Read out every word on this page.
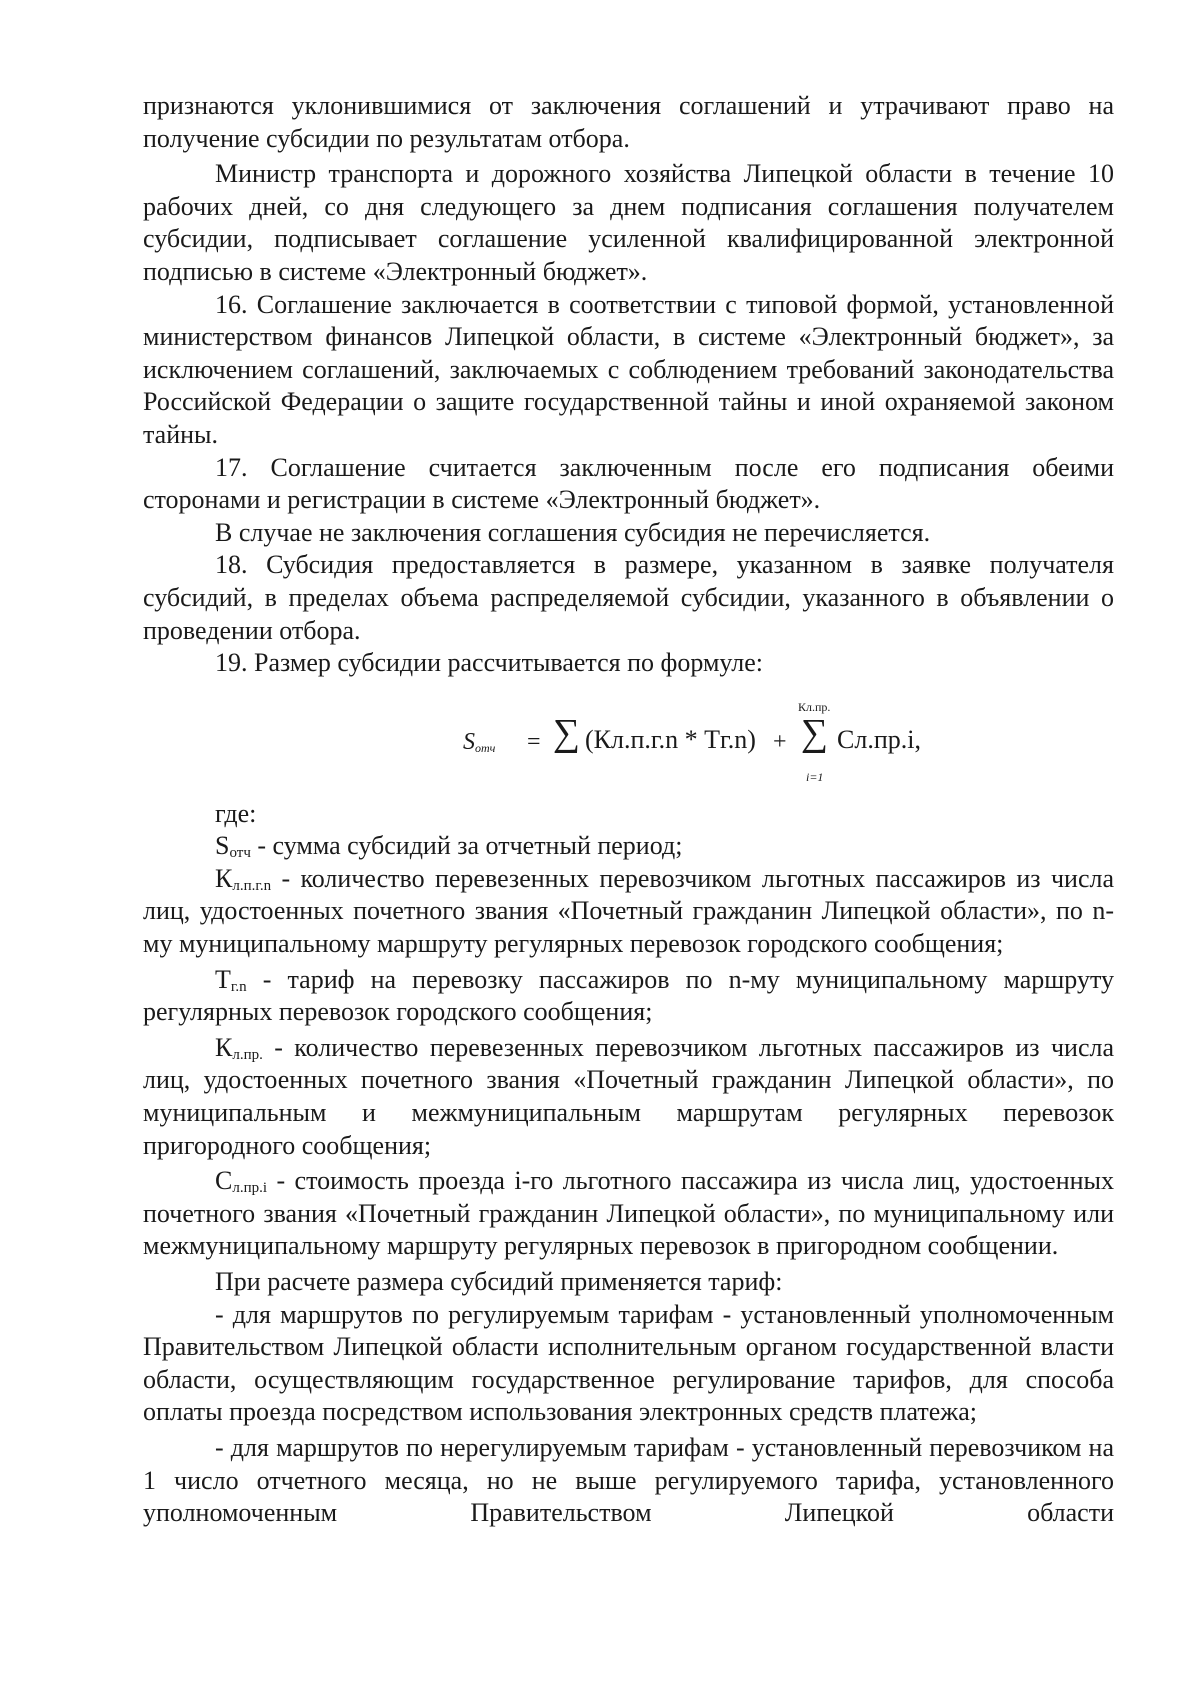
признаются уклонившимися от заключения соглашений и утрачивают право на получение субсидии по результатам отбора.

Министр транспорта и дорожного хозяйства Липецкой области в течение 10 рабочих дней, со дня следующего за днем подписания соглашения получателем субсидии, подписывает соглашение усиленной квалифицированной электронной подписью в системе «Электронный бюджет».

16. Соглашение заключается в соответствии с типовой формой, установленной министерством финансов Липецкой области, в системе «Электронный бюджет», за исключением соглашений, заключаемых с соблюдением требований законодательства Российской Федерации о защите государственной тайны и иной охраняемой законом тайны.

17. Соглашение считается заключенным после его подписания обеими сторонами и регистрации в системе «Электронный бюджет».

В случае не заключения соглашения субсидия не перечисляется.

18. Субсидия предоставляется в размере, указанном в заявке получателя субсидий, в пределах объема распределяемой субсидии, указанного в объявлении о проведении отбора.

19. Размер субсидии рассчитывается по формуле:

Sотч = ∑ (Кл.п.г.n * Тг.n) +
Кл.пр.
∑
i=1
Сл.пр.i,

где:

$S_{отч}$ - сумма субсидий за отчетный период;

$К_{л.п.г.n}$ - количество перевезенных перевозчиком льготных пассажиров из числа лиц, удостоенных почетного звания «Почетный гражданин Липецкой области», по n-му муниципальному маршруту регулярных перевозок городского сообщения;

$Т_{г.n}$ - тариф на перевозку пассажиров по n-му муниципальному маршруту регулярных перевозок городского сообщения;

$К_{л.пр.}$ - количество перевезенных перевозчиком льготных пассажиров из числа лиц, удостоенных почетного звания «Почетный гражданин Липецкой области», по муниципальным и межмуниципальным маршрутам регулярных перевозок пригородного сообщения;

$С_{л.пр.i}$ - стоимость проезда i-го льготного пассажира из числа лиц, удостоенных почетного звания «Почетный гражданин Липецкой области», по муниципальному или межмуниципальному маршруту регулярных перевозок в пригородном сообщении.

При расчете размера субсидий применяется тариф:

- для маршрутов по регулируемым тарифам - установленный уполномоченным Правительством Липецкой области исполнительным органом государственной власти области, осуществляющим государственное регулирование тарифов, для способа оплаты проезда посредством использования электронных средств платежа;

- для маршрутов по нерегулируемым тарифам - установленный перевозчиком на 1 число отчетного месяца, но не выше регулируемого тарифа, установленного уполномоченным Правительством Липецкой области
